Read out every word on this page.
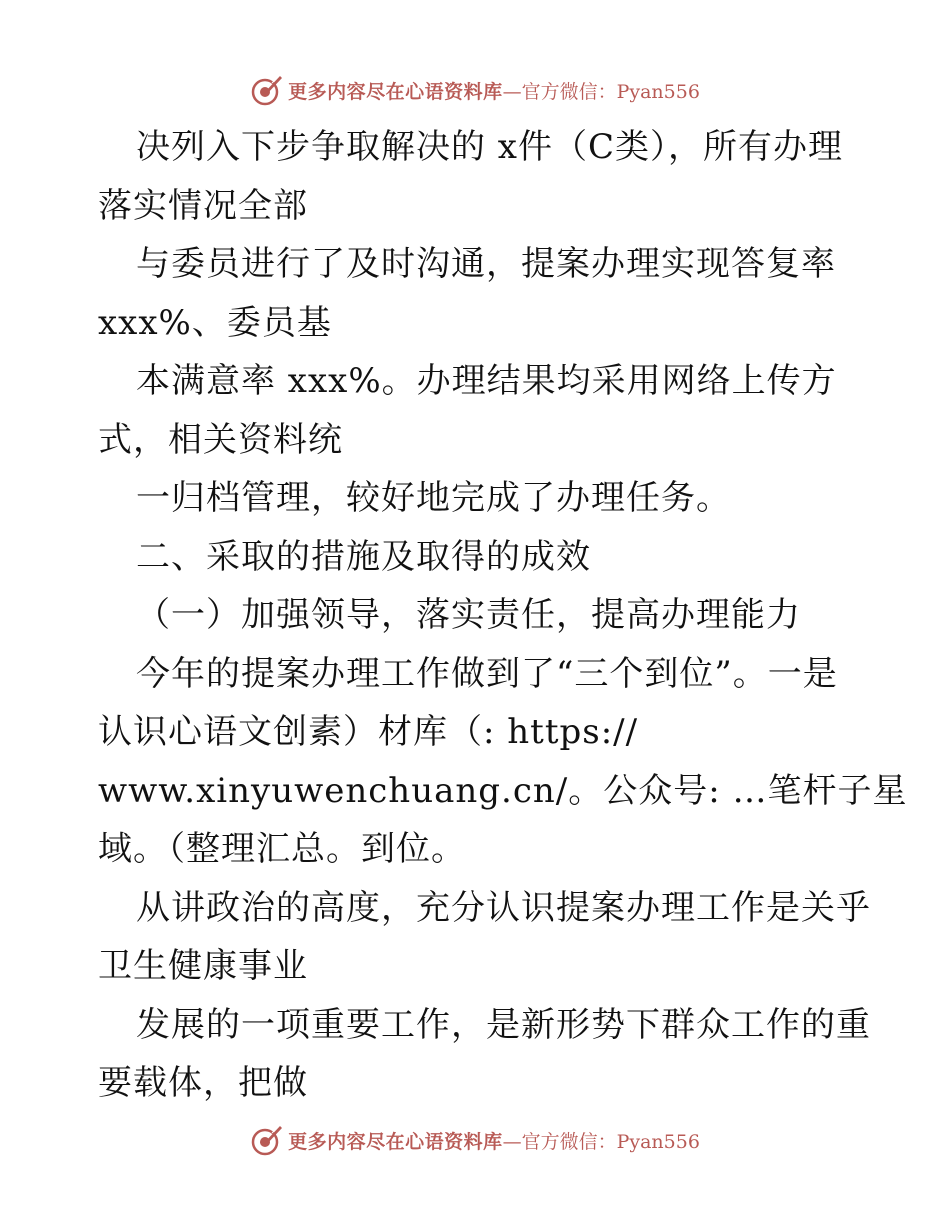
更多内容尽在心语资料库 —官方微信：Pyan556
决列入下步争取解决的 x件（C类），所有办理
落实情况全部
与委员进行了及时沟通，提案办理实现答复率
xxx%、委员基
本满意率 xxx%。办理结果均采用网络上传方
式，相关资料统
一归档管理，较好地完成了办理任务。
二、采取的措施及取得的成效
（一）加强领导，落实责任，提高办理能力
今年的提案办理工作做到了“三个到位”。一是
认识心语文创素）材库（: https://
www.xinyuwenchuang.cn/。公众号: …笔杆子星
域。（整理汇总。到位。
从讲政治的高度，充分认识提案办理工作是关乎
卫生健康事业
发展的一项重要工作，是新形势下群众工作的重
要载体，把做
更多内容尽在心语资料库 —官方微信：Pyan556
